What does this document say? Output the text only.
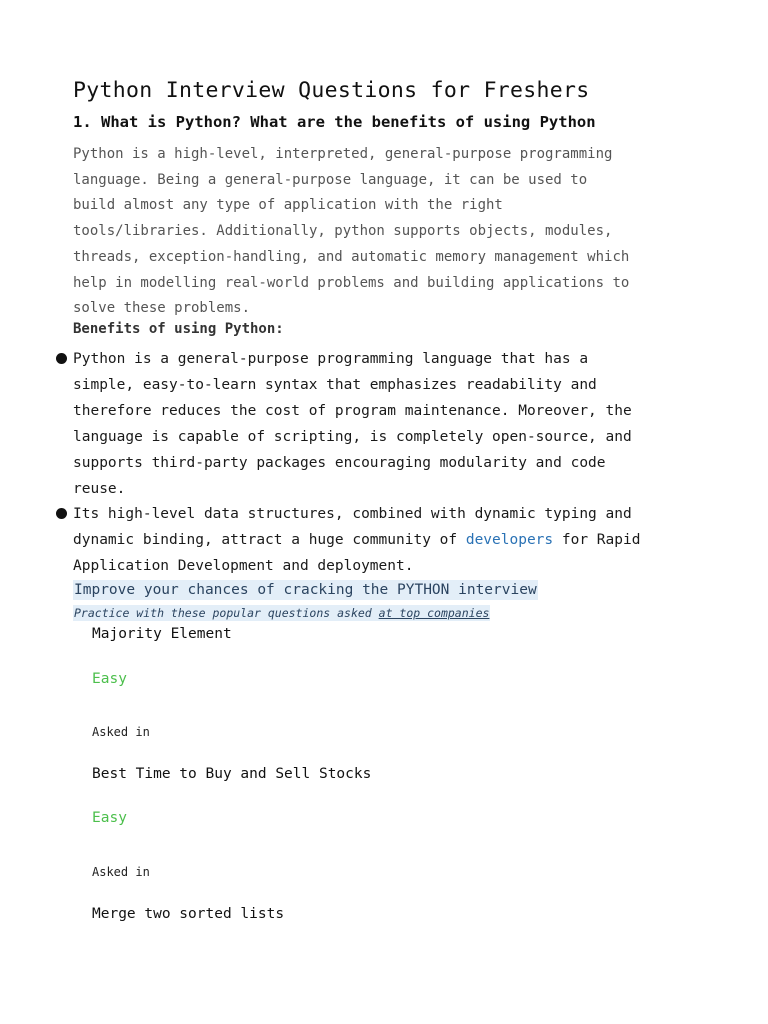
Python Interview Questions for Freshers
1. What is Python? What are the benefits of using Python

Python is a high-level, interpreted, general-purpose programming
language. Being a general-purpose language, it can be used to
build almost any type of application with the right
tools/libraries. Additionally, python supports objects, modules,
threads, exception-handling, and automatic memory management which
help in modelling real-world problems and building applications to
solve these problems.

Benefits of using Python:

Python is a general-purpose programming language that has a
simple, easy-to-learn syntax that emphasizes readability and
therefore reduces the cost of program maintenance. Moreover, the
language is capable of scripting, is completely open-source, and
supports third-party packages encouraging modularity and code
reuse.
Its high-level data structures, combined with dynamic typing and
dynamic binding, attract a huge community of developers for Rapid
Application Development and deployment.
Improve your chances of cracking the PYTHON interview
Practice with these popular questions asked at top companies
Majority Element
Easy
Asked in
Best Time to Buy and Sell Stocks
Easy
Asked in
Merge two sorted lists
